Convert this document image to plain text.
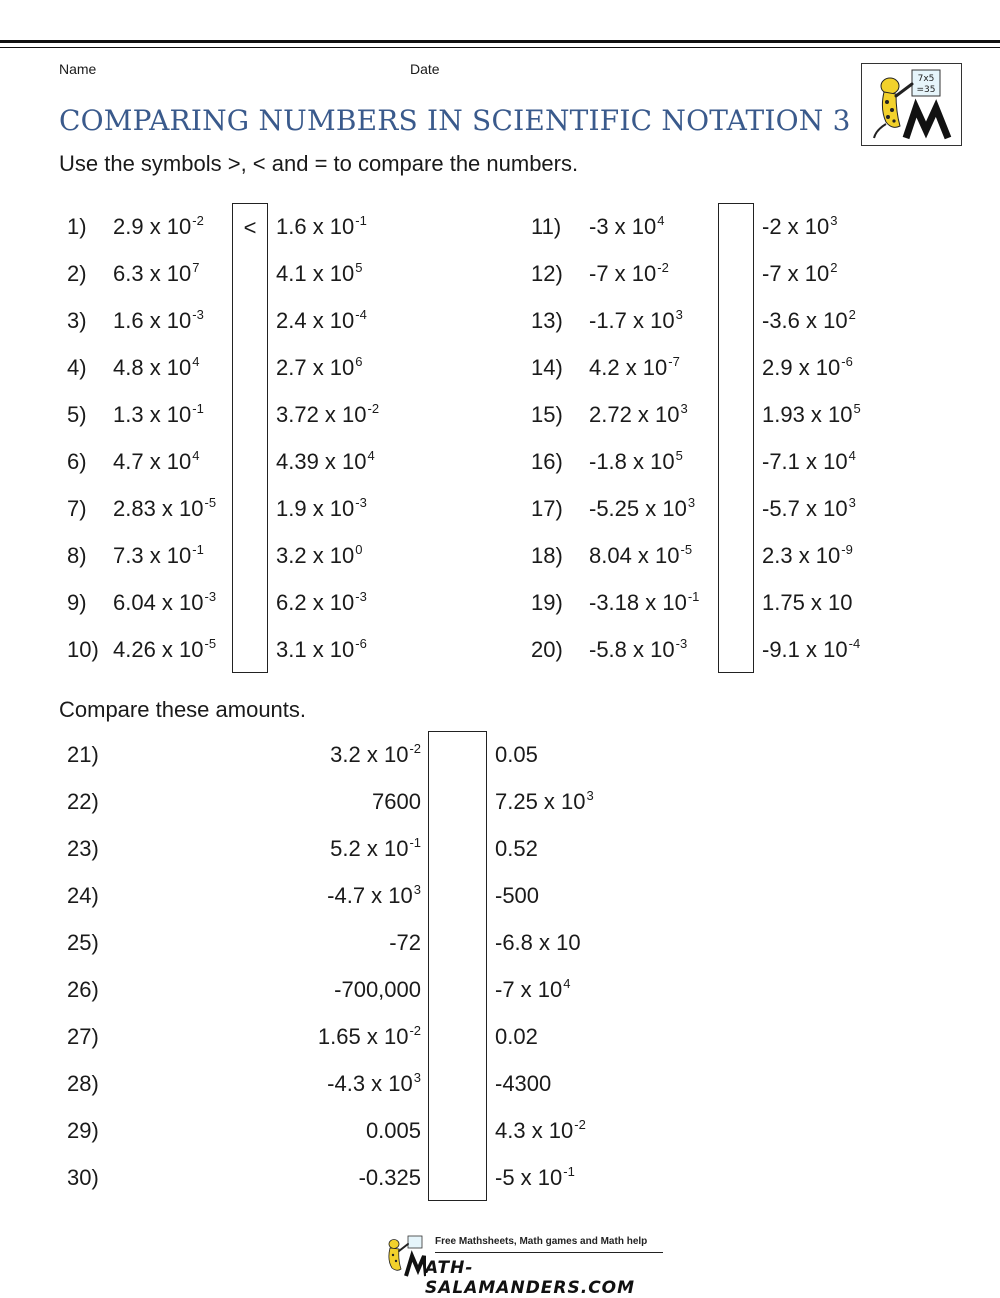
Name	Date
COMPARING NUMBERS IN SCIENTIFIC NOTATION 3
Use the symbols >, < and = to compare the numbers.
7x5
=35
1) 2.9 x $10^{-2}$	< 1.6 x $10^{-1}$
2) 6.3 x $10^7$	4.1 x $10^5$
3) 1.6 x $10^{-3}$	2.4 x $10^{-4}$
4) 4.8 x $10^4$	2.7 x $10^6$
5) 1.3 x $10^{-1}$	3.72 x $10^{-2}$
6) 4.7 x $10^4$	4.39 x $10^4$
7) 2.83 x $10^{-5}$	1.9 x $10^{-3}$
8) 7.3 x $10^{-1}$	3.2 x $10^0$
9) 6.04 x $10^{-3}$	6.2 x $10^{-3}$
10) 4.26 x $10^{-5}$	3.1 x $10^{-6}$
11) -3 x $10^4$	-2 x $10^3$
12) -7 x $10^{-2}$	-7 x $10^2$
13) -1.7 x $10^3$	-3.6 x $10^2$
14) 4.2 x $10^{-7}$	2.9 x $10^{-6}$
15) 2.72 x $10^3$	1.93 x $10^5$
16) -1.8 x $10^5$	-7.1 x $10^4$
17) -5.25 x $10^3$	-5.7 x $10^3$
18) 8.04 x $10^{-5}$	2.3 x $10^{-9}$
19) -3.18 x $10^{-1}$	1.75 x 10
20) -5.8 x $10^{-3}$	-9.1 x $10^{-4}$
Compare these amounts.
21)	3.2 x $10^{-2}$	0.05
22)	7600	7.25 x $10^3$
23)	5.2 x $10^{-1}$	0.52
24)	-4.7 x $10^3$	-500
25)	-72	-6.8 x 10
26)	-700,000	-7 x $10^4$
27)	1.65 x $10^{-2}$	0.02
28)	-4.3 x $10^3$	-4300
29)	0.005	4.3 x $10^{-2}$
30)	-0.325	-5 x $10^{-1}$
Free Mathsheets, Math games and Math help
ATH-SALAMANDERS.COM
